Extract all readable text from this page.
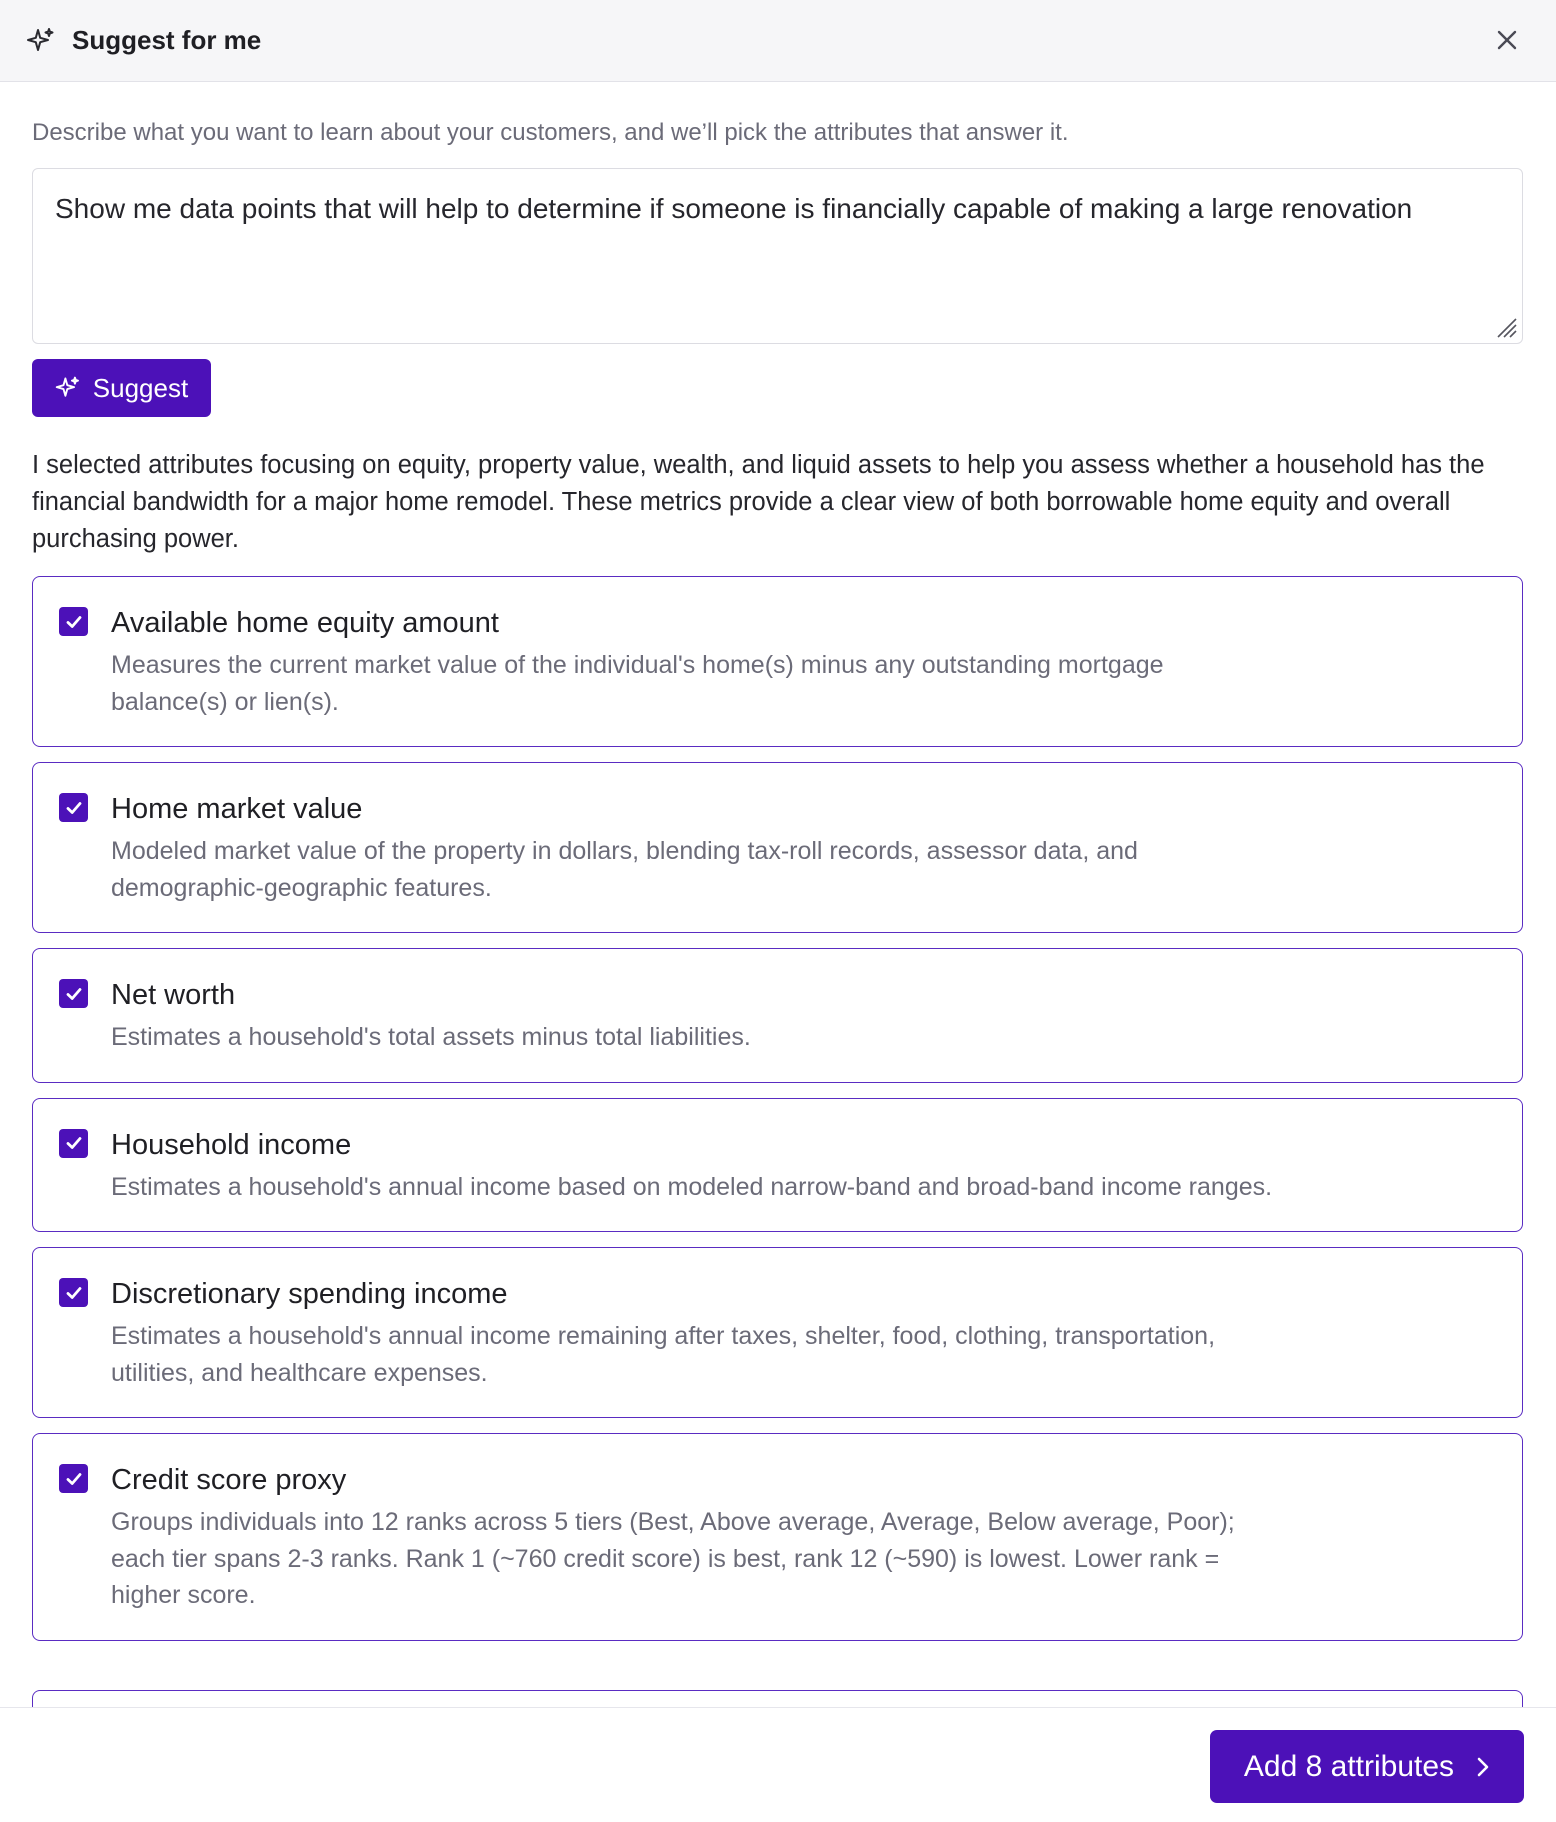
Suggest for me

Describe what you want to learn about your customers, and we’ll pick the attributes that answer it.

Show me data points that will help to determine if someone is financially capable of making a large renovation
Suggest

I selected attributes focusing on equity, property value, wealth, and liquid assets to help you assess whether a household has the financial bandwidth for a major home remodel. These metrics provide a clear view of both borrowable home equity and overall purchasing power.

Available home equity amount
Measures the current market value of the individual's home(s) minus any outstanding mortgage balance(s) or lien(s).
Home market value
Modeled market value of the property in dollars, blending tax-roll records, assessor data, and demographic-geographic features.
Net worth
Estimates a household's total assets minus total liabilities.
Household income
Estimates a household's annual income based on modeled narrow-band and broad-band income ranges.
Discretionary spending income
Estimates a household's annual income remaining after taxes, shelter, food, clothing, transportation, utilities, and healthcare expenses.
Credit score proxy
Groups individuals into 12 ranks across 5 tiers (Best, Above average, Average, Below average, Poor); each tier spans 2-3 ranks. Rank 1 (~760 credit score) is best, rank 12 (~590) is lowest. Lower rank = higher score.
Add 8 attributes
